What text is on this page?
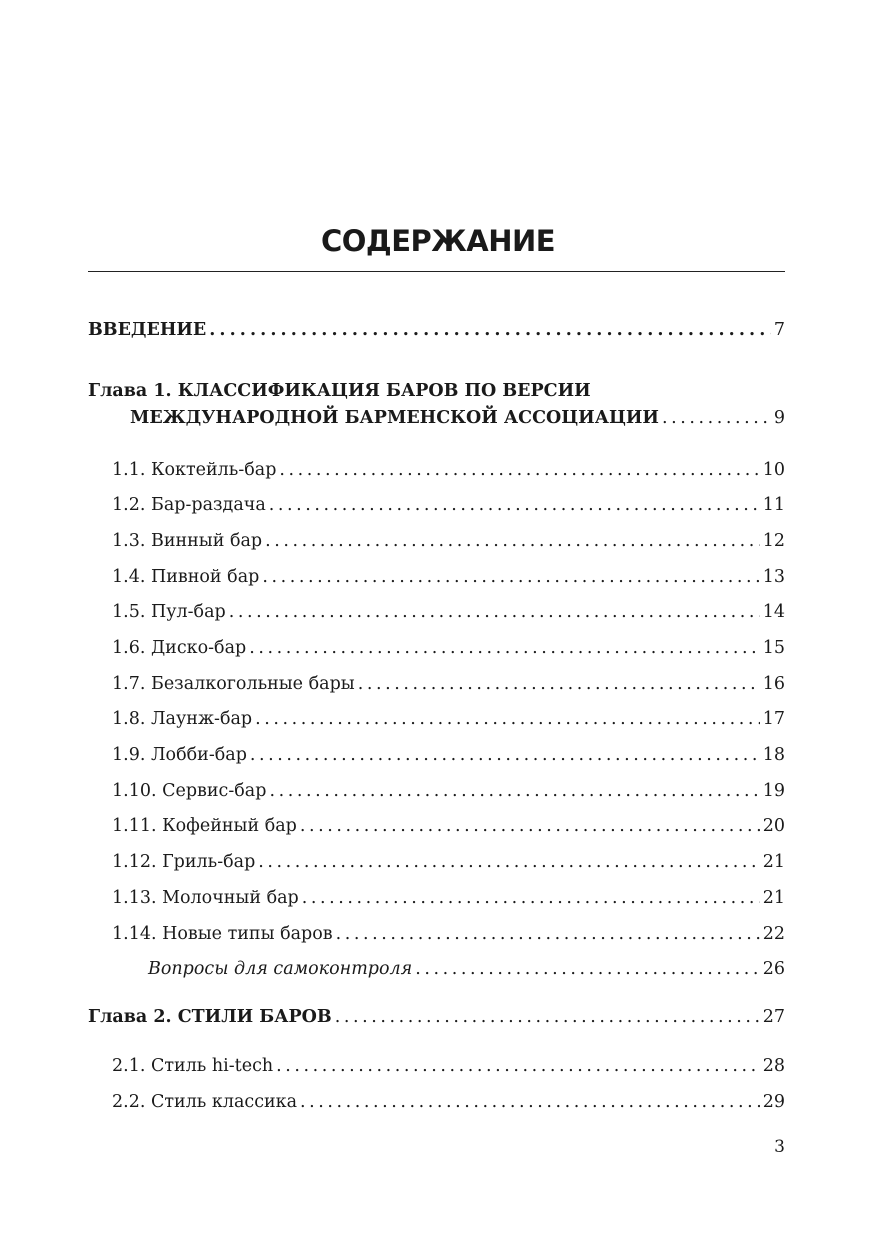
СОДЕРЖАНИЕ
ВВЕДЕНИЕ . . .	7
Глава 1. КЛАССИФИКАЦИЯ БАРОВ ПО ВЕРСИИ
МЕЖДУНАРОДНОЙ БАРМЕНСКОЙ АССОЦИАЦИИ . . .	9
1.1. Коктейль-бар . . .	10
1.2. Бар-раздача . . .	11
1.3. Винный бар . . .	12
1.4. Пивной бар . . .	13
1.5. Пул-бар . . .	14
1.6. Диско-бар . . .	15
1.7. Безалкогольные бары . . .	16
1.8. Лаунж-бар . . .	17
1.9. Лобби-бар . . .	18
1.10. Сервис-бар . . .	19
1.11. Кофейный бар . . .	20
1.12. Гриль-бар . . .	21
1.13. Молочный бар . . .	21
1.14. Новые типы баров . . .	22
Вопросы для самоконтроля . . .	26
Глава 2. СТИЛИ БАРОВ . . .	27
2.1. Стиль hi-tech . . .	28
2.2. Стиль классика . . .	29
3
